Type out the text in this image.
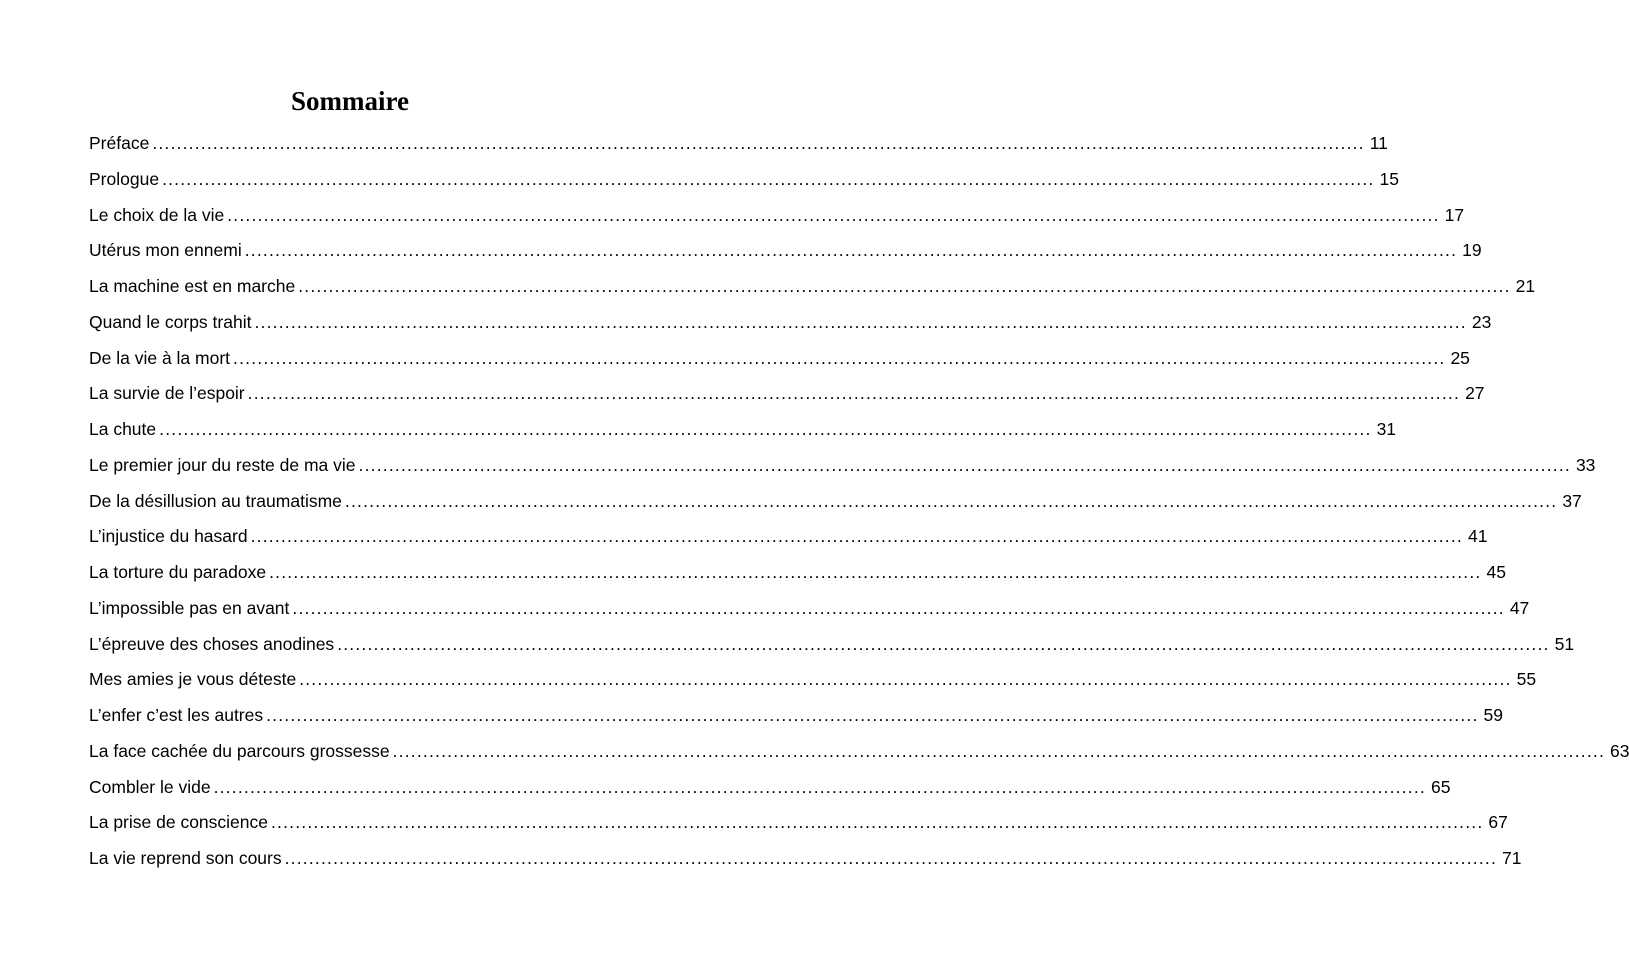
Sommaire
Préface ........................................................................................................................................................................................................ 11
Prologue ........................................................................................................................................................................................................ 15
Le choix de la vie ........................................................................................................................................................................................................ 17
Utérus mon ennemi ........................................................................................................................................................................................................ 19
La machine est en marche ........................................................................................................................................................................................................ 21
Quand le corps trahit ........................................................................................................................................................................................................ 23
De la vie à la mort ........................................................................................................................................................................................................ 25
La survie de l’espoir ........................................................................................................................................................................................................ 27
La chute ........................................................................................................................................................................................................ 31
Le premier jour du reste de ma vie ........................................................................................................................................................................................................ 33
De la désillusion au traumatisme ........................................................................................................................................................................................................ 37
L’injustice du hasard ........................................................................................................................................................................................................ 41
La torture du paradoxe ........................................................................................................................................................................................................ 45
L’impossible pas en avant ........................................................................................................................................................................................................ 47
L’épreuve des choses anodines ........................................................................................................................................................................................................ 51
Mes amies je vous déteste ........................................................................................................................................................................................................ 55
L’enfer c’est les autres ........................................................................................................................................................................................................ 59
La face cachée du parcours grossesse ........................................................................................................................................................................................................ 63
Combler le vide ........................................................................................................................................................................................................ 65
La prise de conscience ........................................................................................................................................................................................................ 67
La vie reprend son cours ........................................................................................................................................................................................................ 71
